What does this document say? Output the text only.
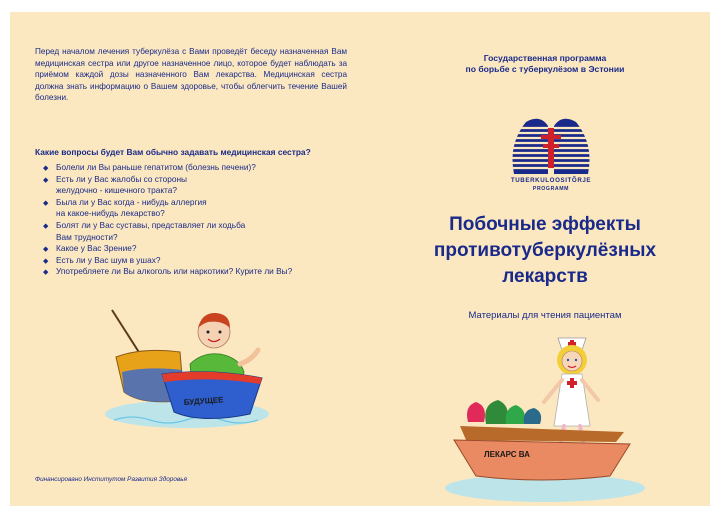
Перед началом лечения туберкулёза с Вами проведёт беседу назначенная Вам медицинская сестра или другое назначенное лицо, которое будет наблюдать за приёмом каждой дозы назначенного Вам лекарства. Медицинская сестра должна знать информацию о Вашем здоровье, чтобы облегчить течение Вашей болезни.

Какие вопросы будет Вам обычно задавать медицинская сестра?

◆ Болели ли Вы раньше гепатитом (болезнь печени)?
◆ Есть ли у Вас жалобы со стороны
желудочно - кишечного тракта?
◆ Была ли у Вас когда - нибудь аллергия
на какое-нибудь лекарство?
◆ Болят ли у Вас суставы, представляет ли ходьба
Вам трудности?
◆ Какое у Вас Зрение?
◆ Есть ли у Вас шум в ушах?
◆ Употребляете ли Вы алкоголь или наркотики? Курите ли Вы?
БУДУЩЕЕ
Финансировано Институтом Развития Здоровья
Государственная программа
по борьбе с туберкулёзом в Эстонии
TUBERKULOOSITÕRJE
PROGRAMM
Побочные эффекты
противотуберкулёзных
лекарств
Материалы для чтения пациентам
ЛЕКАРС ВА
